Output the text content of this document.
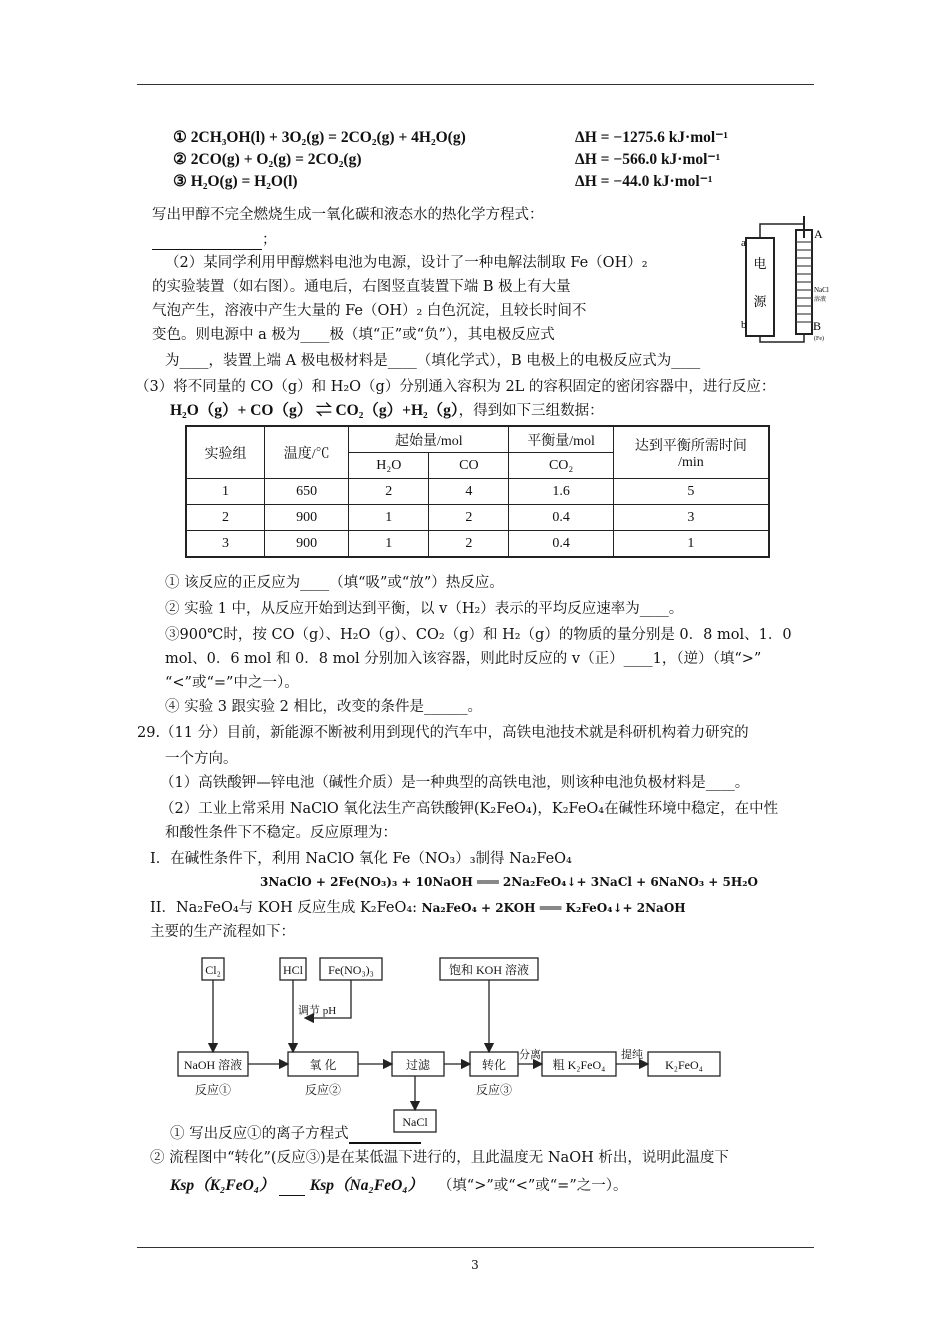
① 2CH₃OH(l) + 3O₂(g) = 2CO₂(g) + 4H₂O(g)	ΔH = −1275.6 kJ·mol⁻¹
② 2CO(g) + O₂(g) = 2CO₂(g)	ΔH = −566.0 kJ·mol⁻¹
③ H₂O(g) = H₂O(l)	ΔH = −44.0 kJ·mol⁻¹
写出甲醇不完全燃烧生成一氧化碳和液态水的热化学方程式：
；
（2）某同学利用甲醇燃料电池为电源，设计了一种电解法制取 Fe（OH）₂
的实验装置（如右图）。通电后，右图竖直装置下端 B 极上有大量
气泡产生，溶液中产生大量的 Fe（OH）₂ 白色沉淀，且较长时间不
变色。则电源中 a 极为____极（填“正”或“负”），其电极反应式
为____，装置上端 A 极电极材料是____（填化学式），B 电极上的电极反应式为____
电
源
a
b
A
NaCl
溶液
B
(Fe)
（3）将不同量的 CO（g）和 H₂O（g）分别通入容积为 2L 的容积固定的密闭容器中，进行反应：
H₂O（g）+ CO（g） ⇌ CO₂（g）+H₂（g），得到如下三组数据：
实验组	温度/℃	起始量/mol		平衡量/mol	达到平衡所需时间
/min

		H₂O	CO	CO₂	
1	650	2	4	1.6	5
2	900	1	2	0.4	3
3	900	1	2	0.4	1
① 该反应的正反应为____（填“吸”或“放”）热反应。
② 实验 1 中，从反应开始到达到平衡，以 v（H₂）表示的平均反应速率为____。
③900℃时，按 CO（g）、H₂O（g）、CO₂（g）和 H₂（g）的物质的量分别是 0．8 mol、1．0
mol、0．6 mol 和 0．8 mol 分别加入该容器，则此时反应的 v（正）____1，（逆）（填“>”
“<”或“=”中之一）。
④ 实验 3 跟实验 2 相比，改变的条件是______。
29.（11 分）目前，新能源不断被利用到现代的汽车中，高铁电池技术就是科研机构着力研究的
一个方向。
（1）高铁酸钾—锌电池（碱性介质）是一种典型的高铁电池，则该种电池负极材料是____。
（2）工业上常采用 NaClO 氧化法生产高铁酸钾(K₂FeO₄)，K₂FeO₄在碱性环境中稳定，在中性
和酸性条件下不稳定。反应原理为：
I．在碱性条件下，利用 NaClO 氧化 Fe（NO₃）₃制得 Na₂FeO₄
3NaClO + 2Fe(NO₃)₃ + 10NaOH ═══ 2Na₂FeO₄↓+ 3NaCl + 6NaNO₃ + 5H₂O
II．Na₂FeO₄与 KOH 反应生成 K₂FeO₄: Na₂FeO₄ + 2KOH ═══ K₂FeO₄↓+ 2NaOH
主要的生产流程如下：
Cl₂	HCl Fe(NO₃)₃	饱和 KOH 溶液
NaOH 溶液	氧 化	过滤	转化	粗 K₂FeO₄	K₂FeO₄
NaCl
调节 pH
分离	提纯
反应①	反应②	反应③
① 写出反应①的离子方程式
② 流程图中“转化”(反应③)是在某低温下进行的，且此温度无 NaOH 析出，说明此温度下
Ksp（K₂FeO₄） Ksp（Na₂FeO₄） （填“>”或“<”或“=”之一）。
3
